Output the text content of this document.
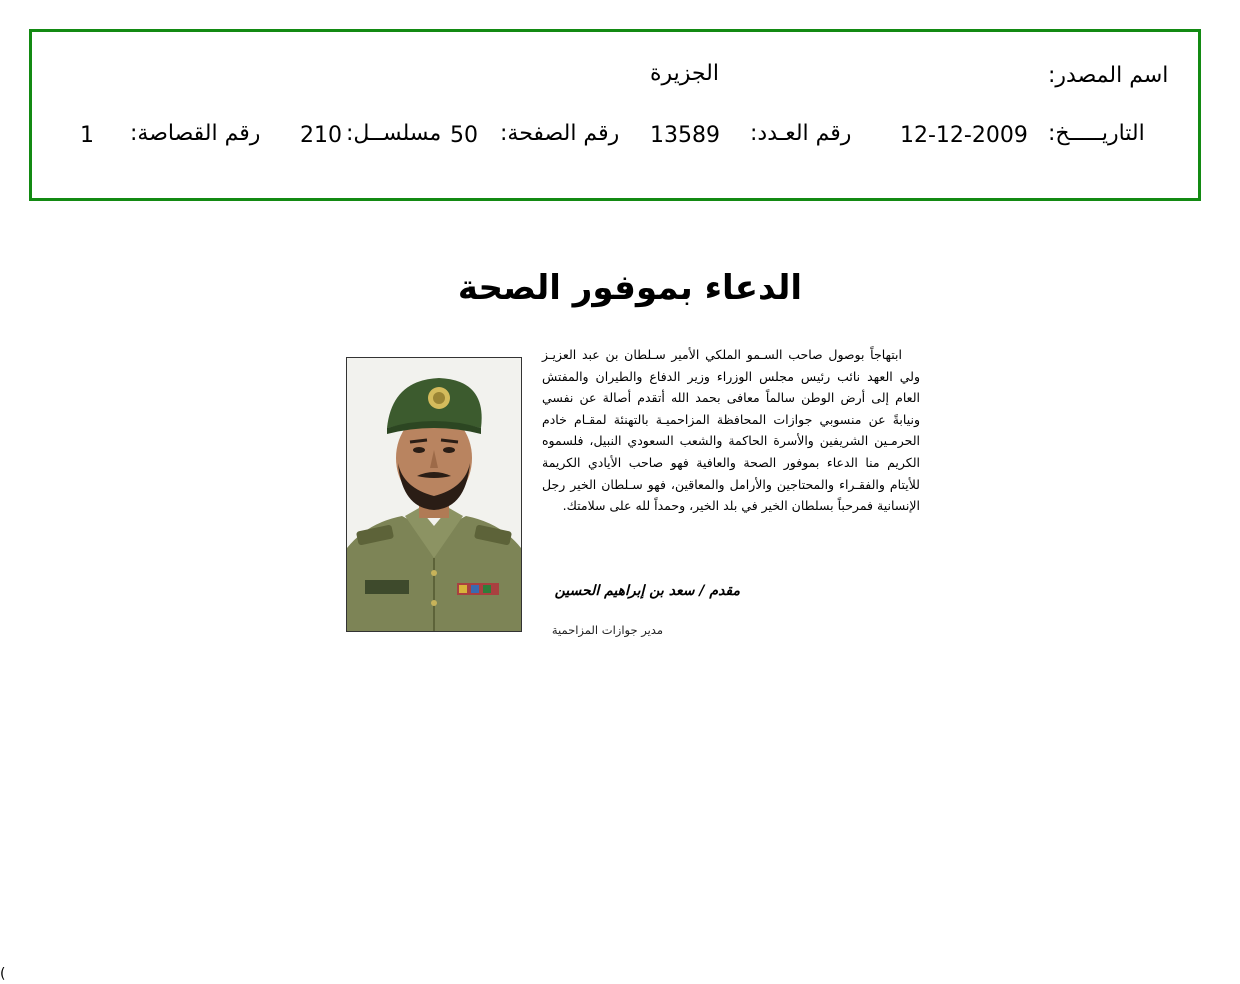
اسم المصدر:
الجزيرة
التاريـــــخ:
12-12-2009
رقم العـدد:
13589
رقم الصفحة:
50
مسلســل:
210
رقم القصاصة:
1
الدعاء بموفور الصحة
ابتهاجاً بوصول صاحب السـمو الملكي الأمير سـلطان بن عبد العزيـز ولي العهد نائب رئيس مجلس الوزراء وزير الدفاع والطيران والمفتش العام إلى أرض الوطن سالماً معافى بحمد الله أتقدم أصالة عن نفسي ونيابةً عن منسوبي جوازات المحافظة المزاحميـة بالتهنئة لمقـام خادم الحرمـين الشريفين والأسرة الحاكمة والشعب السعودي النبيل، فلسموه الكريم منا الدعاء بموفور الصحة والعافية فهو صاحب الأيادي الكريمة للأيتام والفقـراء والمحتاجين والأرامل والمعاقين، فهو سـلطان الخير رجل الإنسانية فمرحباً بسلطان الخير في بلد الخير، وحمداً لله على سلامتك.
مقدم / سعد بن إبراهيم الحسين
مدير جوازات المزاحمية
(
